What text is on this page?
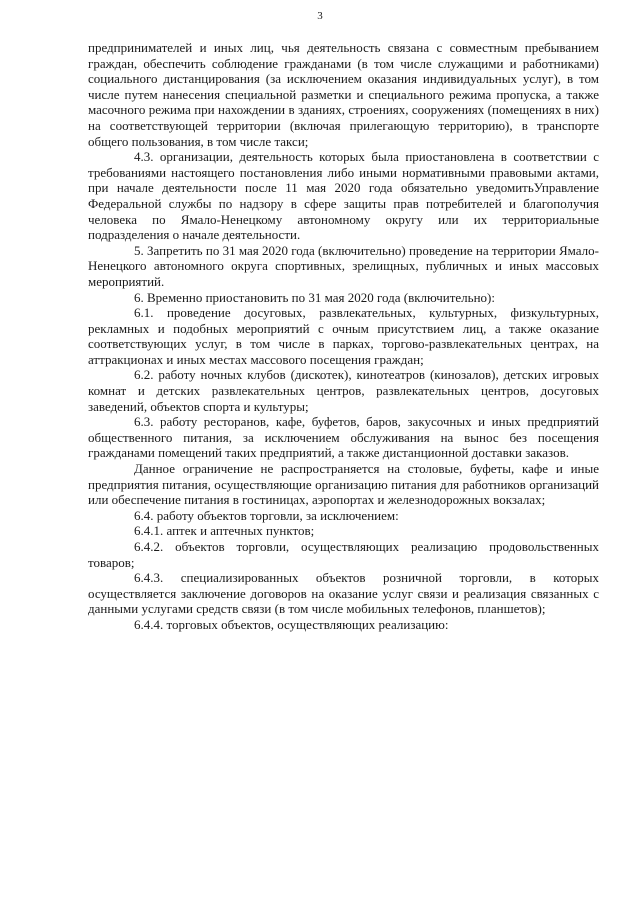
3

предпринимателей и иных лиц, чья деятельность связана с совместным пребыванием граждан, обеспечить соблюдение гражданами (в том числе служащими и работниками) социального дистанцирования (за исключением оказания индивидуальных услуг), в том числе путем нанесения специальной разметки и специального режима пропуска, а также масочного режима при нахождении в зданиях, строениях, сооружениях (помещениях в них) на соответствующей территории (включая прилегающую территорию), в транспорте общего пользования, в том числе такси;

4.3. организации, деятельность которых была приостановлена в соответствии с требованиями настоящего постановления либо иными нормативными правовыми актами, при начале деятельности после 11 мая 2020 года обязательно уведомитьУправление Федеральной службы по надзору в сфере защиты прав потребителей и благополучия человека по Ямало-Ненецкому автономному округу или их территориальные подразделения о начале деятельности.

5. Запретить по 31 мая 2020 года (включительно) проведение на территории Ямало-Ненецкого автономного округа спортивных, зрелищных, публичных и иных массовых мероприятий.

6. Временно приостановить по 31 мая 2020 года (включительно):

6.1. проведение досуговых, развлекательных, культурных, физкультурных, рекламных и подобных мероприятий с очным присутствием лиц, а также оказание соответствующих услуг, в том числе в парках, торгово-развлекательных центрах, на аттракционах и иных местах массового посещения граждан;

6.2. работу ночных клубов (дискотек), кинотеатров (кинозалов), детских игровых комнат и детских развлекательных центров, развлекательных центров, досуговых заведений, объектов спорта и культуры;

6.3. работу ресторанов, кафе, буфетов, баров, закусочных и иных предприятий общественного питания, за исключением обслуживания на вынос без посещения гражданами помещений таких предприятий, а также дистанционной доставки заказов.

Данное ограничение не распространяется на столовые, буфеты, кафе и иные предприятия питания, осуществляющие организацию питания для работников организаций или обеспечение питания в гостиницах, аэропортах и железнодорожных вокзалах;

6.4. работу объектов торговли, за исключением:

6.4.1. аптек и аптечных пунктов;

6.4.2. объектов торговли, осуществляющих реализацию продовольственных товаров;

6.4.3. специализированных объектов розничной торговли, в которых осуществляется заключение договоров на оказание услуг связи и реализация связанных с данными услугами средств связи (в том числе мобильных телефонов, планшетов);

6.4.4. торговых объектов, осуществляющих реализацию:
